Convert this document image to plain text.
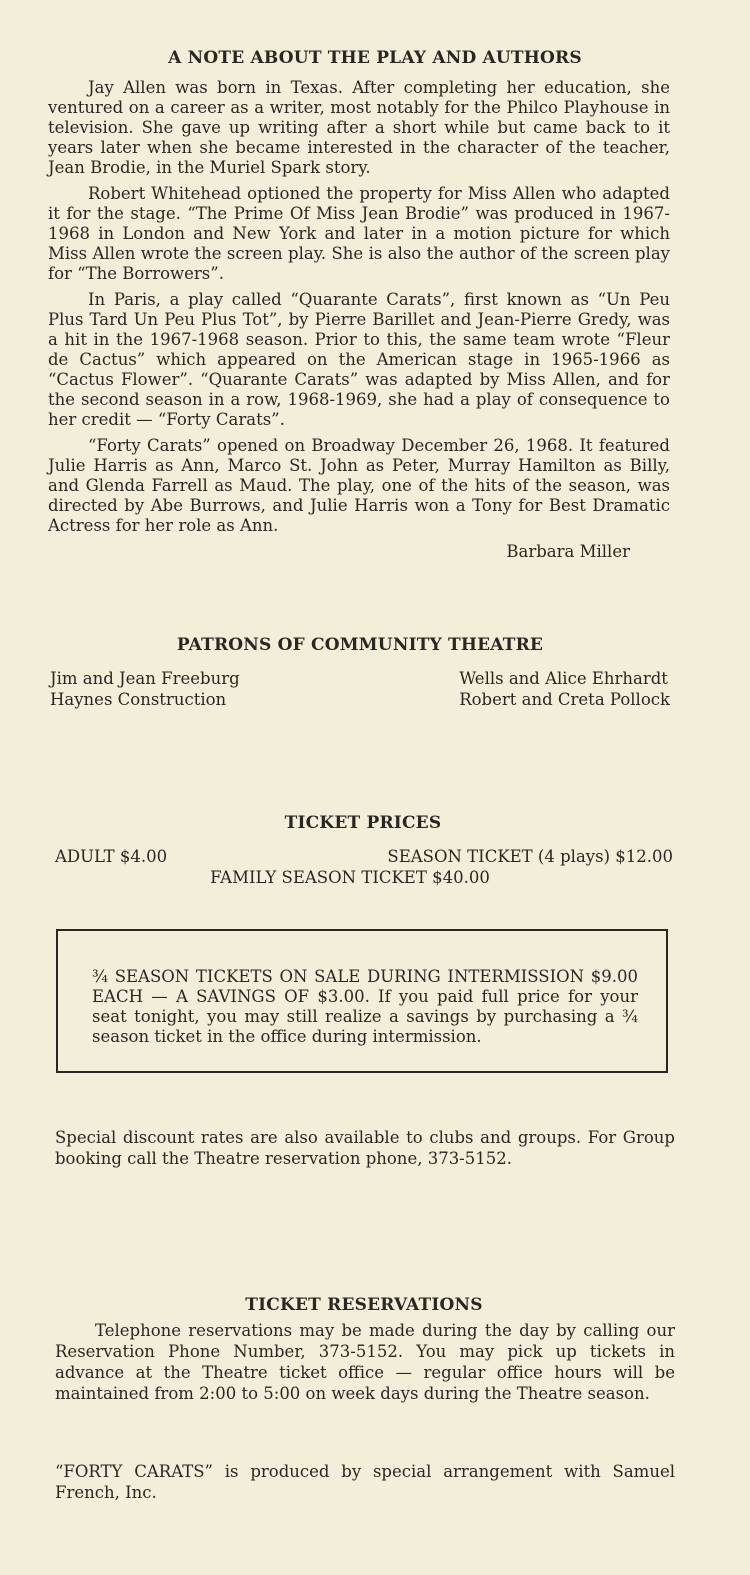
A NOTE ABOUT THE PLAY AND AUTHORS

Jay Allen was born in Texas. After completing her education, she ventured on a career as a writer, most notably for the Philco Playhouse in television. She gave up writing after a short while but came back to it years later when she became interested in the character of the teacher, Jean Brodie, in the Muriel Spark story.

Robert Whitehead optioned the property for Miss Allen who adapted it for the stage. “The Prime Of Miss Jean Brodie” was produced in 1967-1968 in London and New York and later in a motion picture for which Miss Allen wrote the screen play. She is also the author of the screen play for “The Borrowers”.

In Paris, a play called “Quarante Carats”, first known as “Un Peu Plus Tard Un Peu Plus Tot”, by Pierre Barillet and Jean-Pierre Gredy, was a hit in the 1967-1968 season. Prior to this, the same team wrote “Fleur de Cactus” which appeared on the American stage in 1965-1966 as “Cactus Flower”. “Quarante Carats” was adapted by Miss Allen, and for the second season in a row, 1968-1969, she had a play of consequence to her credit — “Forty Carats”.

“Forty Carats” opened on Broadway December 26, 1968. It featured Julie Harris as Ann, Marco St. John as Peter, Murray Hamilton as Billy, and Glenda Farrell as Maud. The play, one of the hits of the season, was directed by Abe Burrows, and Julie Harris won a Tony for Best Dramatic Actress for her role as Ann.

Barbara Miller

PATRONS OF COMMUNITY THEATRE
Jim and Jean Freeburg
Haynes Construction
Wells and Alice Ehrhardt
Robert and Creta Pollock
TICKET PRICES
ADULT $4.00	SEASON TICKET (4 plays) $12.00
FAMILY SEASON TICKET $40.00
¾ SEASON TICKETS ON SALE DURING INTERMISSION $9.00 EACH — A SAVINGS OF $3.00. If you paid full price for your seat tonight, you may still realize a savings by purchasing a ¾ season ticket in the office during intermission.
Special discount rates are also available to clubs and groups. For Group booking call the Theatre reservation phone, 373-5152.
TICKET RESERVATIONS
Telephone reservations may be made during the day by calling our Reservation Phone Number, 373-5152. You may pick up tickets in advance at the Theatre ticket office — regular office hours will be maintained from 2:00 to 5:00 on week days during the Theatre season.
“FORTY CARATS” is produced by special arrangement with Samuel French, Inc.
